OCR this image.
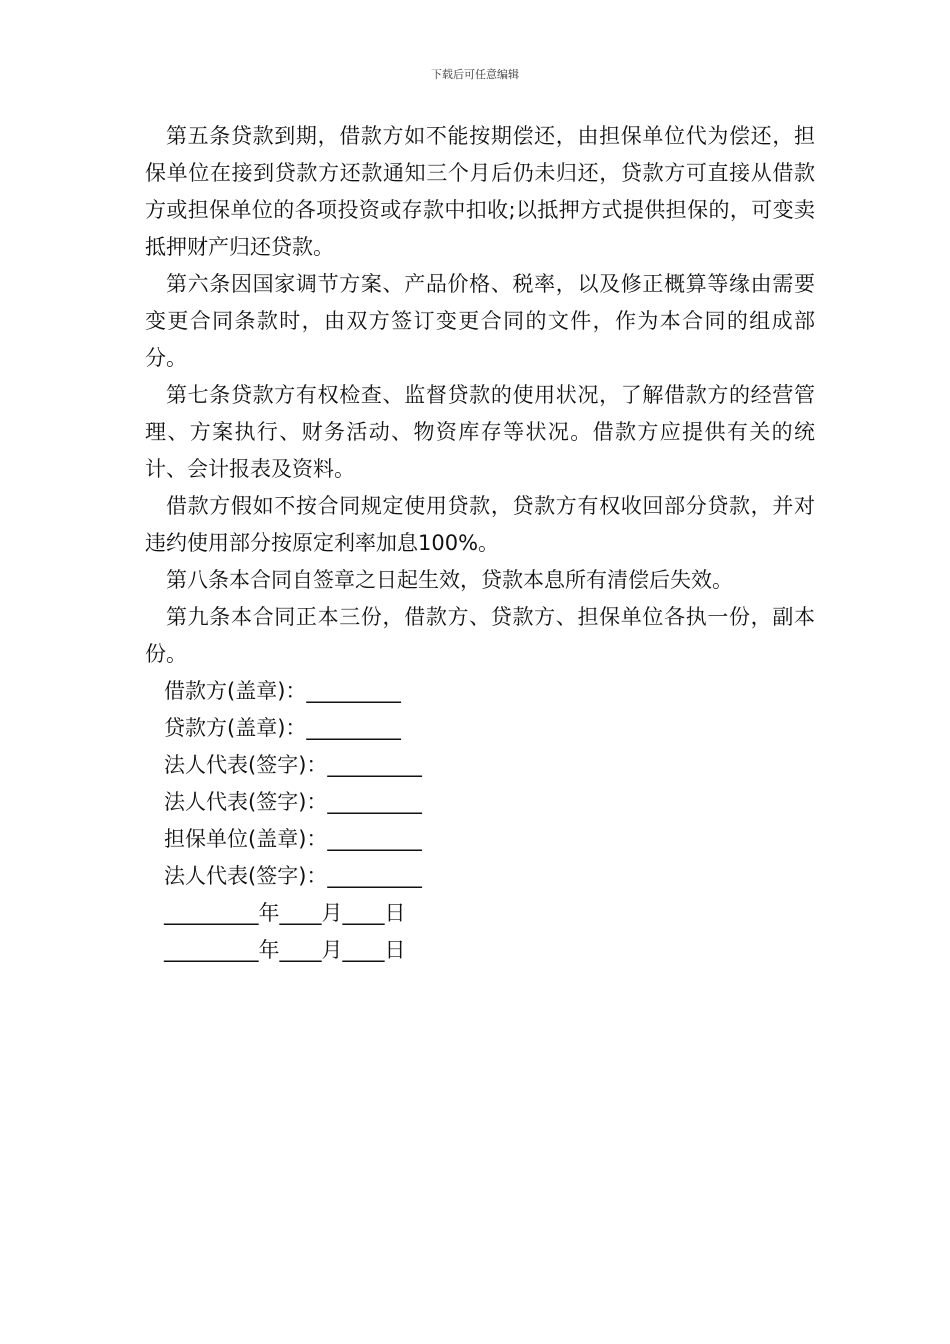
下载后可任意编辑

第五条贷款到期，借款方如不能按期偿还，由担保单位代为偿还，担保单位在接到贷款方还款通知三个月后仍未归还，贷款方可直接从借款方或担保单位的各项投资或存款中扣收;以抵押方式提供担保的，可变卖抵押财产归还贷款。

第六条因国家调节方案、产品价格、税率，以及修正概算等缘由需要变更合同条款时，由双方签订变更合同的文件，作为本合同的组成部分。

第七条贷款方有权检查、监督贷款的使用状况，了解借款方的经营管理、方案执行、财务活动、物资库存等状况。借款方应提供有关的统计、会计报表及资料。

借款方假如不按合同规定使用贷款，贷款方有权收回部分贷款，并对违约使用部分按原定利率加息100%。

第八条本合同自签章之日起生效，贷款本息所有清偿后失效。

第九条本合同正本三份，借款方、贷款方、担保单位各执一份，副本份。

借款方(盖章)：_________

贷款方(盖章)：_________

法人代表(签字)：_________

法人代表(签字)：_________

担保单位(盖章)：_________

法人代表(签字)：_________

_________年____月____日

_________年____月____日
